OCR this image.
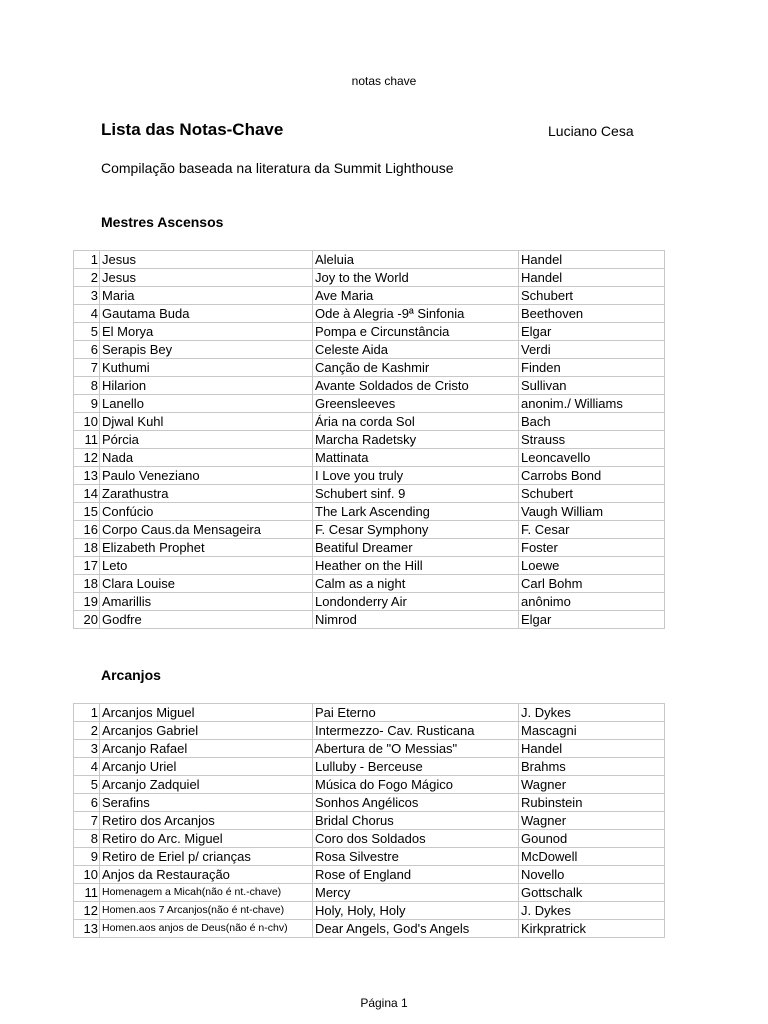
notas chave
Lista das Notas-Chave	Luciano Cesa
Compilação baseada na literatura da Summit Lighthouse
Mestres Ascensos
1	Jesus	Aleluia	Handel
2	Jesus	Joy to the World	Handel
3	Maria	Ave Maria	Schubert
4	Gautama Buda	Ode à Alegria -9ª Sinfonia	Beethoven
5	El Morya	Pompa e Circunstância	Elgar
6	Serapis Bey	Celeste Aida	Verdi
7	Kuthumi	Canção de Kashmir	Finden
8	Hilarion	Avante Soldados de Cristo	Sullivan
9	Lanello	Greensleeves	anonim./ Williams
10	Djwal Kuhl	Ária na corda Sol	Bach
11	Pórcia	Marcha Radetsky	Strauss
12	Nada	Mattinata	Leoncavello
13	Paulo Veneziano	I Love you truly	Carrobs Bond
14	Zarathustra	Schubert sinf. 9	Schubert
15	Confúcio	The Lark Ascending	Vaugh William
16	Corpo Caus.da Mensageira	F. Cesar Symphony	F. Cesar
18	Elizabeth Prophet	Beatiful Dreamer	Foster
17	Leto	Heather on the Hill	Loewe
18	Clara Louise	Calm as a night	Carl Bohm
19	Amarillis	Londonderry Air	anônimo
20	Godfre	Nimrod	Elgar
Arcanjos
1	Arcanjos Miguel	Pai Eterno	J. Dykes
2	Arcanjos Gabriel	Intermezzo- Cav. Rusticana	Mascagni
3	Arcanjo Rafael	Abertura de "O Messias"	Handel
4	Arcanjo Uriel	Lulluby - Berceuse	Brahms
5	Arcanjo Zadquiel	Música do Fogo Mágico	Wagner
6	Serafins	Sonhos Angélicos	Rubinstein
7	Retiro dos Arcanjos	Bridal Chorus	Wagner
8	Retiro do Arc. Miguel	Coro dos Soldados	Gounod
9	Retiro de Eriel p/ crianças	Rosa Silvestre	McDowell
10	Anjos da Restauração	Rose of England	Novello
11	Homenagem a Micah(não é nt.-chave)	Mercy	Gottschalk
12	Homen.aos 7 Arcanjos(não é nt-chave)	Holy, Holy, Holy	J. Dykes
13	Homen.aos anjos de Deus(não é n-chv)	Dear Angels, God's Angels	Kirkpratrick
Página 1
